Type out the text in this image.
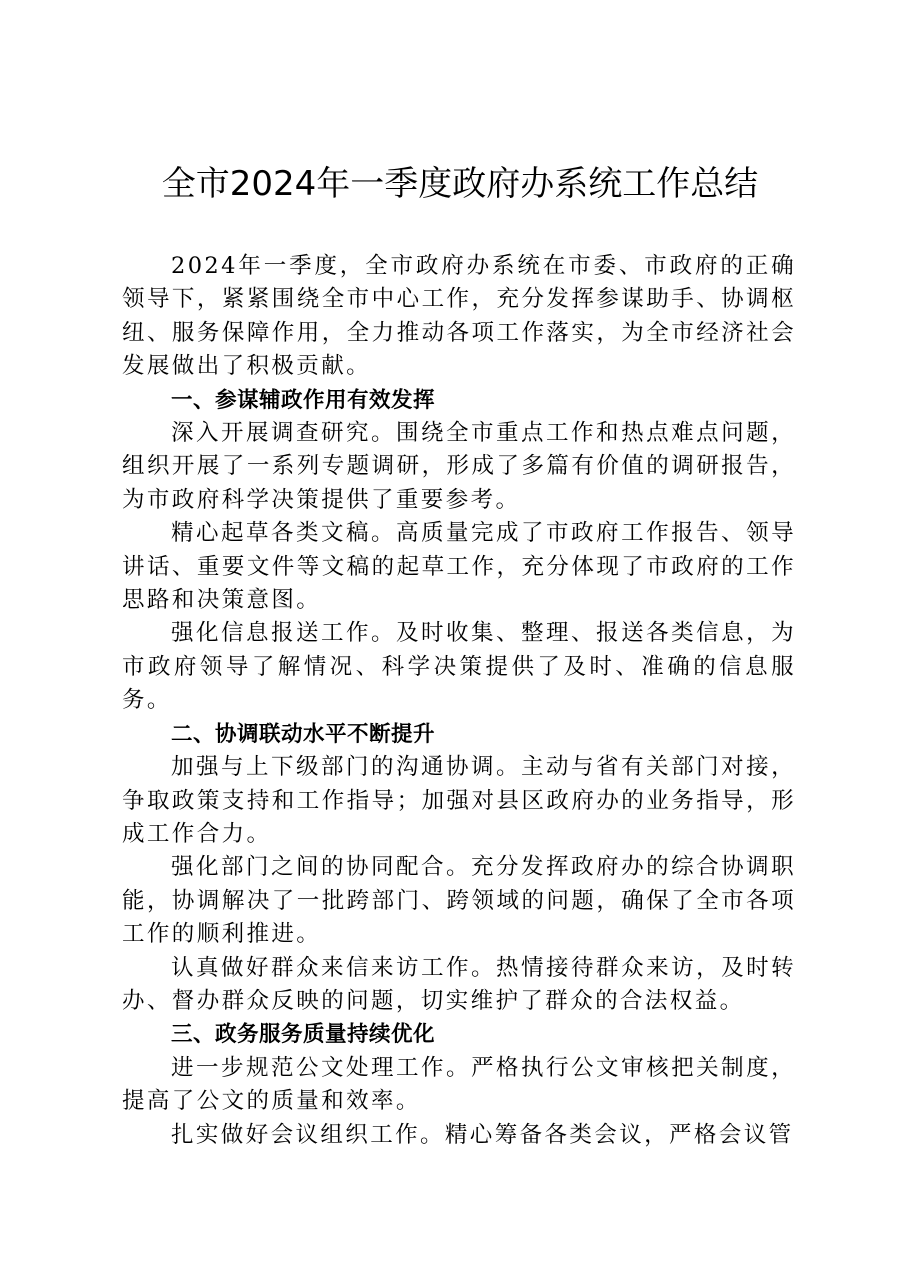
全市2024年一季度政府办系统工作总结

2024年一季度，全市政府办系统在市委、市政府的正确领导下，紧紧围绕全市中心工作，充分发挥参谋助手、协调枢纽、服务保障作用，全力推动各项工作落实，为全市经济社会发展做出了积极贡献。

一、参谋辅政作用有效发挥

深入开展调查研究。围绕全市重点工作和热点难点问题，组织开展了一系列专题调研，形成了多篇有价值的调研报告，为市政府科学决策提供了重要参考。

精心起草各类文稿。高质量完成了市政府工作报告、领导讲话、重要文件等文稿的起草工作，充分体现了市政府的工作思路和决策意图。

强化信息报送工作。及时收集、整理、报送各类信息，为市政府领导了解情况、科学决策提供了及时、准确的信息服务。

二、协调联动水平不断提升

加强与上下级部门的沟通协调。主动与省有关部门对接，争取政策支持和工作指导；加强对县区政府办的业务指导，形成工作合力。

强化部门之间的协同配合。充分发挥政府办的综合协调职能，协调解决了一批跨部门、跨领域的问题，确保了全市各项工作的顺利推进。

认真做好群众来信来访工作。热情接待群众来访，及时转办、督办群众反映的问题，切实维护了群众的合法权益。

三、政务服务质量持续优化

进一步规范公文处理工作。严格执行公文审核把关制度，提高了公文的质量和效率。

扎实做好会议组织工作。精心筹备各类会议，严格会议管
